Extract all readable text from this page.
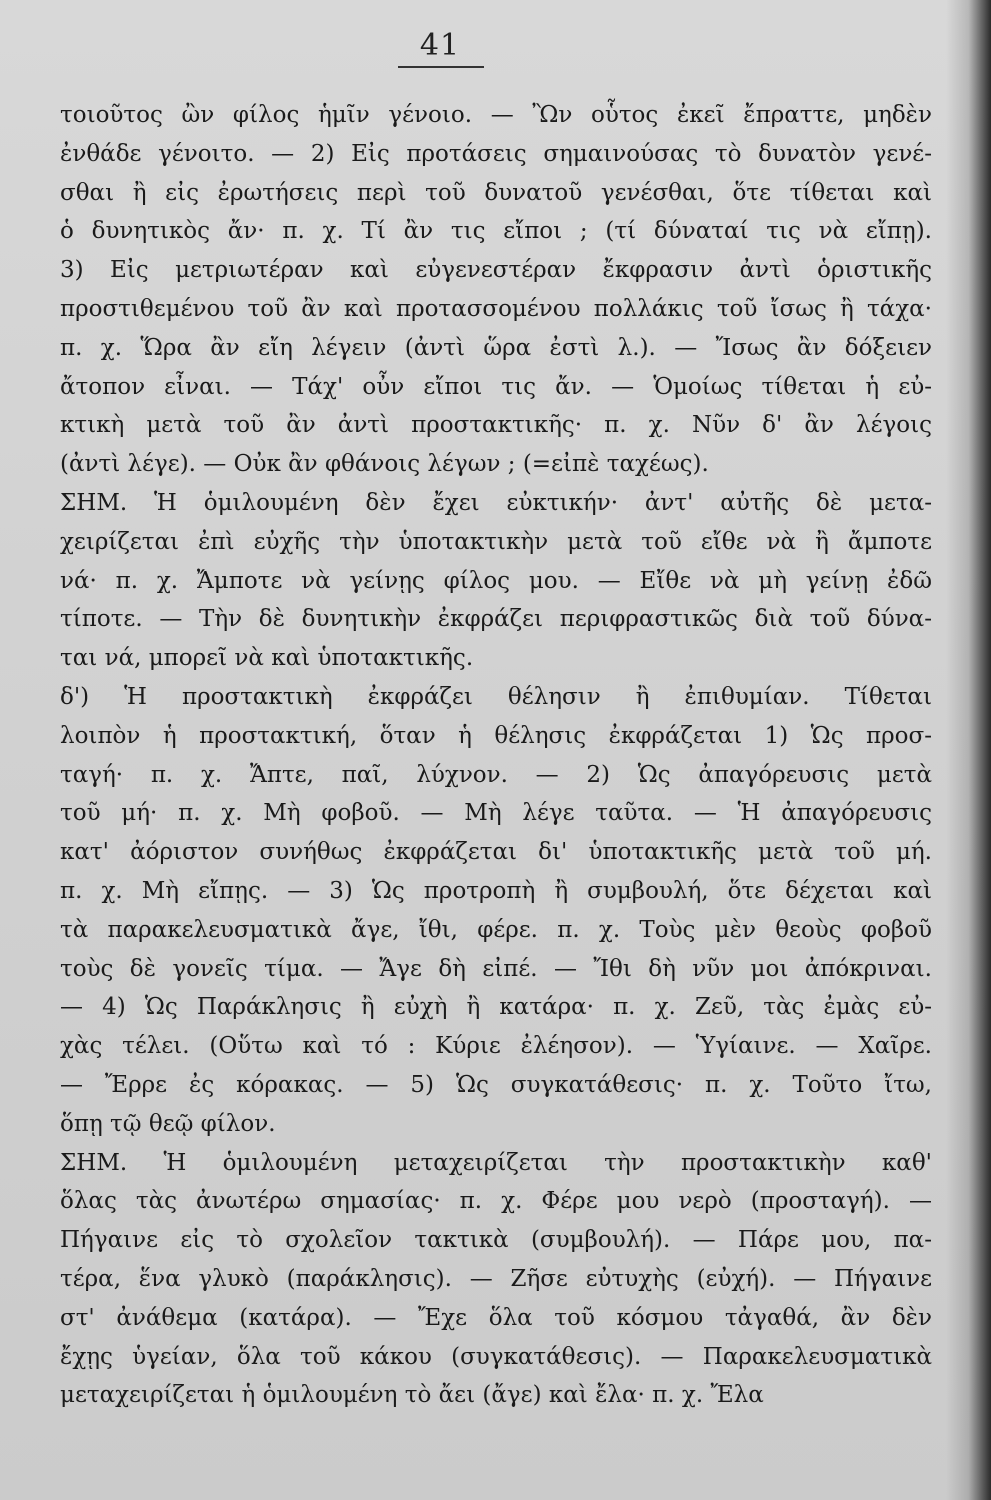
41
τοιοῦτος ὢν φίλος ἡμῖν γένοιο. — Ὢν οὗτος ἐκεῖ ἔπραττε, μηδὲν
ἐνθάδε γένοιτο. — 2) Εἰς προτάσεις σημαινούσας τὸ δυνατὸν γενέ-
σθαι ἢ εἰς ἐρωτήσεις περὶ τοῦ δυνατοῦ γενέσθαι, ὅτε τίθεται καὶ
ὁ δυνητικὸς ἄν· π. χ. Τί ἂν τις εἴποι ; (τί δύναταί τις νὰ εἴπῃ).
3) Εἰς μετριωτέραν καὶ εὐγενεστέραν ἔκφρασιν ἀντὶ ὁριστικῆς
προστιθεμένου τοῦ ἂν καὶ προτασσομένου πολλάκις τοῦ ἴσως ἢ τάχα·
π. χ. Ὥρα ἂν εἴη λέγειν (ἀντὶ ὥρα ἐστὶ λ.). — Ἴσως ἂν δόξειεν
ἄτοπον εἶναι. — Τάχ' οὖν εἴποι τις ἄν. — Ὁμοίως τίθεται ἡ εὐ-
κτικὴ μετὰ τοῦ ἂν ἀντὶ προστακτικῆς· π. χ. Νῦν δ' ἂν λέγοις
(ἀντὶ λέγε). — Οὐκ ἂν φθάνοις λέγων ; (=εἰπὲ ταχέως).
ΣΗΜ. Ἡ ὁμιλουμένη δὲν ἔχει εὐκτικήν· ἀντ' αὐτῆς δὲ μετα-
χειρίζεται ἐπὶ εὐχῆς τὴν ὑποτακτικὴν μετὰ τοῦ εἴθε νὰ ἢ ἄμποτε
νά· π. χ. Ἄμποτε νὰ γείνῃς φίλος μου. — Εἴθε νὰ μὴ γείνῃ ἐδῶ
τίποτε. — Τὴν δὲ δυνητικὴν ἐκφράζει περιφραστικῶς διὰ τοῦ δύνα-
ται νά, μπορεῖ νὰ καὶ ὑποτακτικῆς.
δ') Ἡ προστακτικὴ ἐκφράζει θέλησιν ἢ ἐπιθυμίαν. Τίθεται
λοιπὸν ἡ προστακτική, ὅταν ἡ θέλησις ἐκφράζεται 1) Ὡς προσ-
ταγή· π. χ. Ἄπτε, παῖ, λύχνον. — 2) Ὡς ἀπαγόρευσις μετὰ
τοῦ μή· π. χ. Μὴ φοβοῦ. — Μὴ λέγε ταῦτα. — Ἡ ἀπαγόρευσις
κατ' ἀόριστον συνήθως ἐκφράζεται δι' ὑποτακτικῆς μετὰ τοῦ μή.
π. χ. Μὴ εἴπῃς. — 3) Ὡς προτροπὴ ἢ συμβουλή, ὅτε δέχεται καὶ
τὰ παρακελευσματικὰ ἄγε, ἴθι, φέρε. π. χ. Τοὺς μὲν θεοὺς φοβοῦ
τοὺς δὲ γονεῖς τίμα. — Ἄγε δὴ εἰπέ. — Ἴθι δὴ νῦν μοι ἀπόκριναι.
— 4) Ὡς Παράκλησις ἢ εὐχὴ ἢ κατάρα· π. χ. Ζεῦ, τὰς ἐμὰς εὐ-
χὰς τέλει. (Οὕτω καὶ τό : Κύριε ἐλέησον). — Ὑγίαινε. — Χαῖρε.
— Ἔρρε ἐς κόρακας. — 5) Ὡς συγκατάθεσις· π. χ. Τοῦτο ἴτω,
ὅπῃ τῷ θεῷ φίλον.
ΣΗΜ. Ἡ ὁμιλουμένη μεταχειρίζεται τὴν προστακτικὴν καθ'
ὅλας τὰς ἀνωτέρω σημασίας· π. χ. Φέρε μου νερὸ (προσταγή). —
Πήγαινε εἰς τὸ σχολεῖον τακτικὰ (συμβουλή). — Πάρε μου, πα-
τέρα, ἕνα γλυκὸ (παράκλησις). — Ζῆσε εὐτυχὴς (εὐχή). — Πήγαινε
στ' ἀνάθεμα (κατάρα). — Ἔχε ὅλα τοῦ κόσμου τἀγαθά, ἂν δὲν
ἔχῃς ὑγείαν, ὅλα τοῦ κάκου (συγκατάθεσις). — Παρακελευσματικὰ
μεταχειρίζεται ἡ ὁμιλουμένη τὸ ἄει (ἄγε) καὶ ἔλα· π. χ. Ἔλα
